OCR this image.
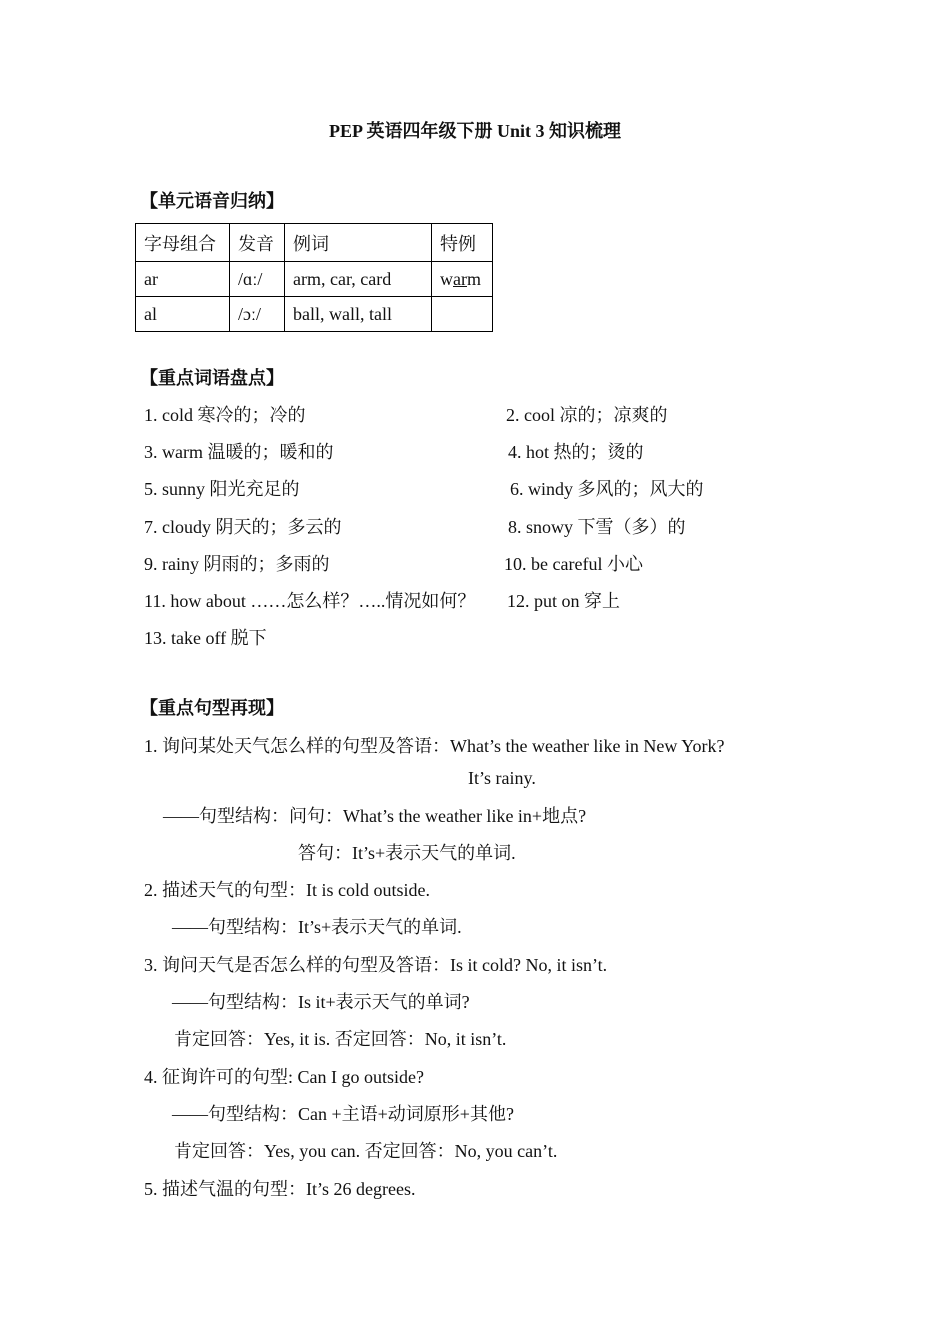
PEP 英语四年级下册 Unit 3 知识梳理
【单元语音归纳】
字母组合	发音	例词	特例
ar	/ɑː/	arm, car, card	warm
al	/ɔː/	ball, wall, tall	
【重点词语盘点】
1. cold 寒冷的；冷的	2. cool 凉的；凉爽的
3. warm 温暖的；暖和的	4. hot 热的；烫的
5. sunny 阳光充足的	6. windy 多风的；风大的
7. cloudy 阴天的；多云的	8. snowy 下雪（多）的
9. rainy 阴雨的；多雨的	10. be careful 小心
11. how about ……怎么样？…..情况如何？ 12. put on 穿上
13. take off 脱下
【重点句型再现】
1. 询问某处天气怎么样的句型及答语：What’s the weather like in New York?
It’s rainy.
——句型结构：问句：What’s the weather like in+地点?
答句：It’s+表示天气的单词.
2. 描述天气的句型：It is cold outside.
——句型结构：It’s+表示天气的单词.
3. 询问天气是否怎么样的句型及答语：Is it cold? No, it isn’t.
——句型结构：Is it+表示天气的单词?
肯定回答：Yes, it is. 否定回答：No, it isn’t.
4. 征询许可的句型: Can I go outside?
——句型结构：Can +主语+动词原形+其他?
肯定回答：Yes, you can. 否定回答：No, you can’t.
5. 描述气温的句型：It’s 26 degrees.
